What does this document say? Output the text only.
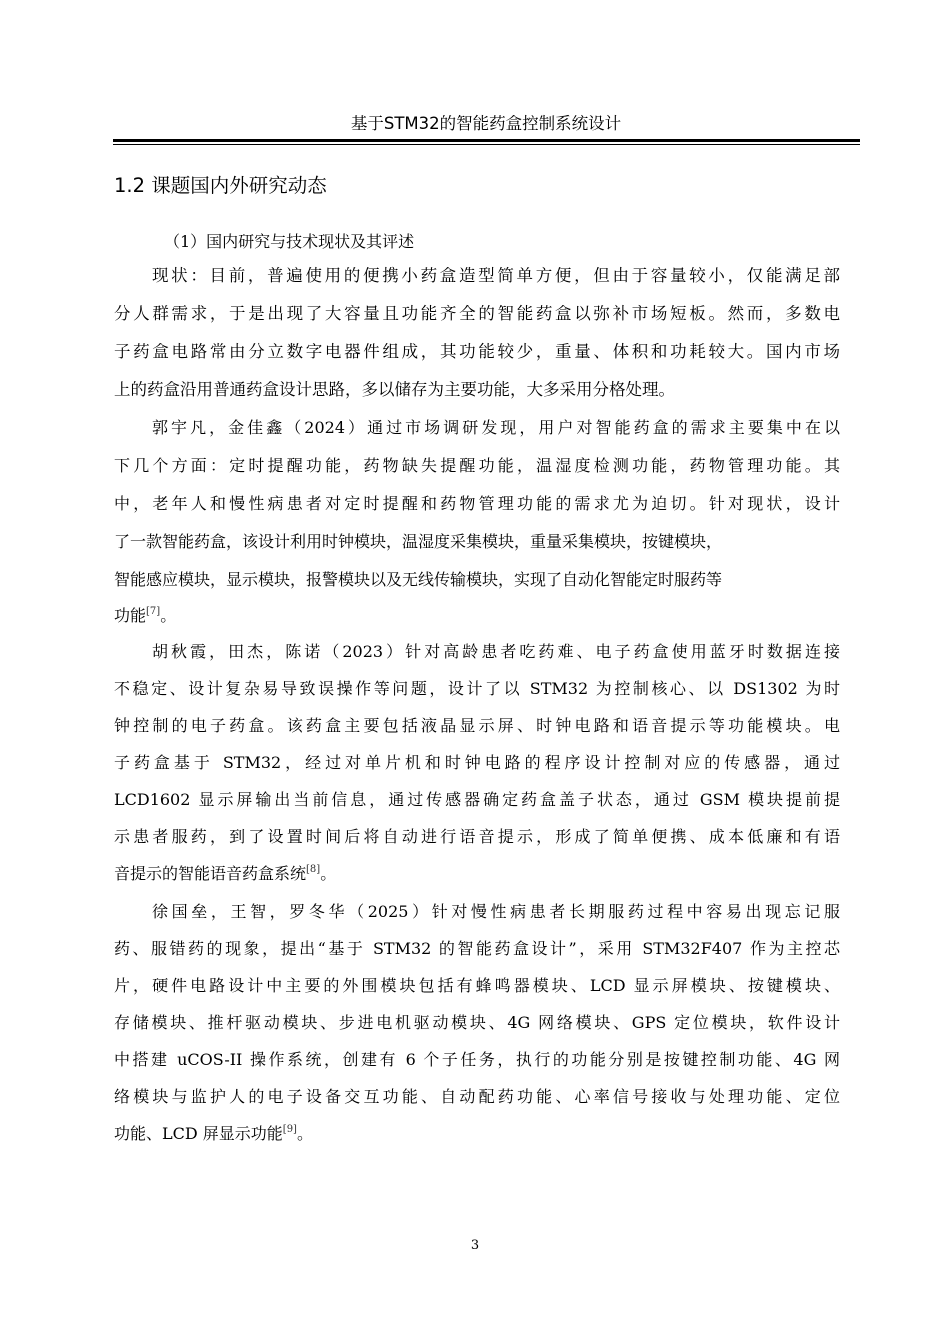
基于STM32的智能药盒控制系统设计
1.2 课题国内外研究动态
（1）国内研究与技术现状及其评述
现状：目前，普遍使用的便携小药盒造型简单方便，但由于容量较小，仅能满足部
分人群需求，于是出现了大容量且功能齐全的智能药盒以弥补市场短板。然而，多数电
子药盒电路常由分立数字电器件组成，其功能较少，重量、体积和功耗较大。国内市场
上的药盒沿用普通药盒设计思路，多以储存为主要功能，大多采用分格处理。
郭宇凡，金佳鑫（2024）通过市场调研发现，用户对智能药盒的需求主要集中在以
下几个方面：定时提醒功能，药物缺失提醒功能，温湿度检测功能，药物管理功能。其
中，老年人和慢性病患者对定时提醒和药物管理功能的需求尤为迫切。针对现状，设计
了一款智能药盒，该设计利用时钟模块，温湿度采集模块，重量采集模块，按键模块，
智能感应模块，显示模块，报警模块以及无线传输模块，实现了自动化智能定时服药等
功能[7]。
胡秋霞，田杰，陈诺（2023）针对高龄患者吃药难、电子药盒使用蓝牙时数据连接
不稳定、设计复杂易导致误操作等问题，设计了以 STM32 为控制核心、以 DS1302 为时
钟控制的电子药盒。该药盒主要包括液晶显示屏、时钟电路和语音提示等功能模块。电
子药盒基于 STM32，经过对单片机和时钟电路的程序设计控制对应的传感器，通过
LCD1602 显示屏输出当前信息，通过传感器确定药盒盖子状态，通过 GSM 模块提前提
示患者服药，到了设置时间后将自动进行语音提示，形成了简单便携、成本低廉和有语
音提示的智能语音药盒系统[8]。
徐国垒，王智，罗冬华（2025）针对慢性病患者长期服药过程中容易出现忘记服
药、服错药的现象，提出“基于 STM32 的智能药盒设计”，采用 STM32F407 作为主控芯
片，硬件电路设计中主要的外围模块包括有蜂鸣器模块、LCD 显示屏模块、按键模块、
存储模块、推杆驱动模块、步进电机驱动模块、4G 网络模块、GPS 定位模块，软件设计
中搭建 uCOS-II 操作系统，创建有 6 个子任务，执行的功能分别是按键控制功能、4G 网
络模块与监护人的电子设备交互功能、自动配药功能、心率信号接收与处理功能、定位
功能、LCD 屏显示功能[9]。
3
